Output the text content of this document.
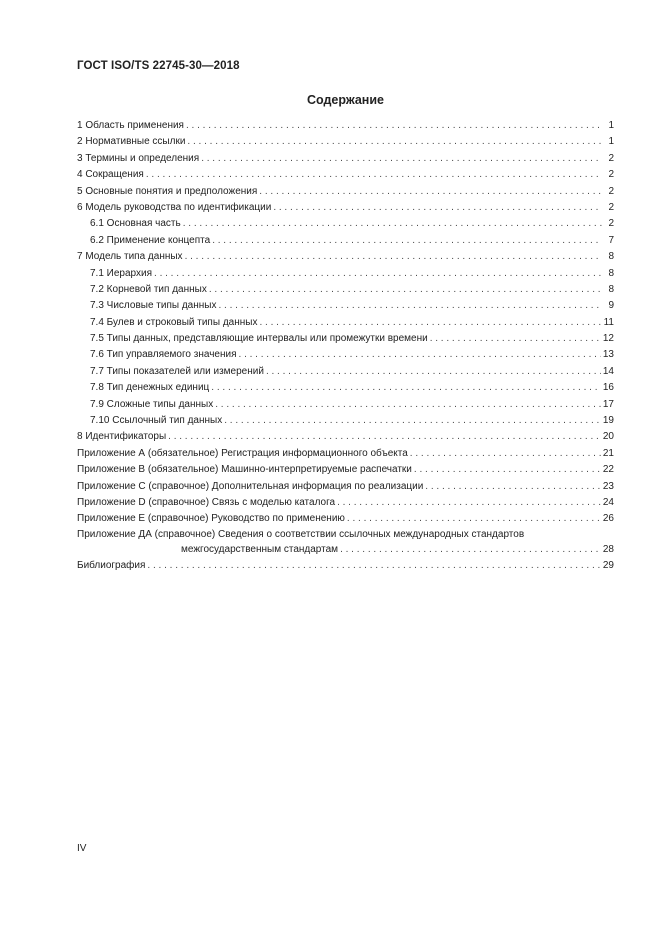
ГОСТ ISO/TS 22745-30—2018
Содержание
1 Область применения . . .	1
2 Нормативные ссылки . . .	1
3 Термины и определения . . .	2
4 Сокращения . . .	2
5 Основные понятия и предположения . . .	2
6 Модель руководства по идентификации . . .	2
6.1 Основная часть . . .	2
6.2 Применение концепта . . .	7
7 Модель типа данных . . .	8
7.1 Иерархия . . .	8
7.2 Корневой тип данных . . .	8
7.3 Числовые типы данных . . .	9
7.4 Булев и строковый типы данных . . .	11
7.5 Типы данных, представляющие интервалы или промежутки времени . . .	12
7.6 Тип управляемого значения . . .	13
7.7 Типы показателей или измерений . . .	14
7.8 Тип денежных единиц . . .	16
7.9 Сложные типы данных . . .	17
7.10 Ссылочный тип данных . . .	19
8 Идентификаторы . . .	20
Приложение А (обязательное) Регистрация информационного объекта . . .	21
Приложение В (обязательное) Машинно-интерпретируемые распечатки . . .	22
Приложение С (справочное) Дополнительная информация по реализации . . .	23
Приложение D (справочное) Связь с моделью каталога . . .	24
Приложение Е (справочное) Руководство по применению . . .	26
Приложение ДА (справочное) Сведения о соответствии ссылочных международных стандартов
межгосударственным стандартам . . .	28
Библиография . . .	29
IV
